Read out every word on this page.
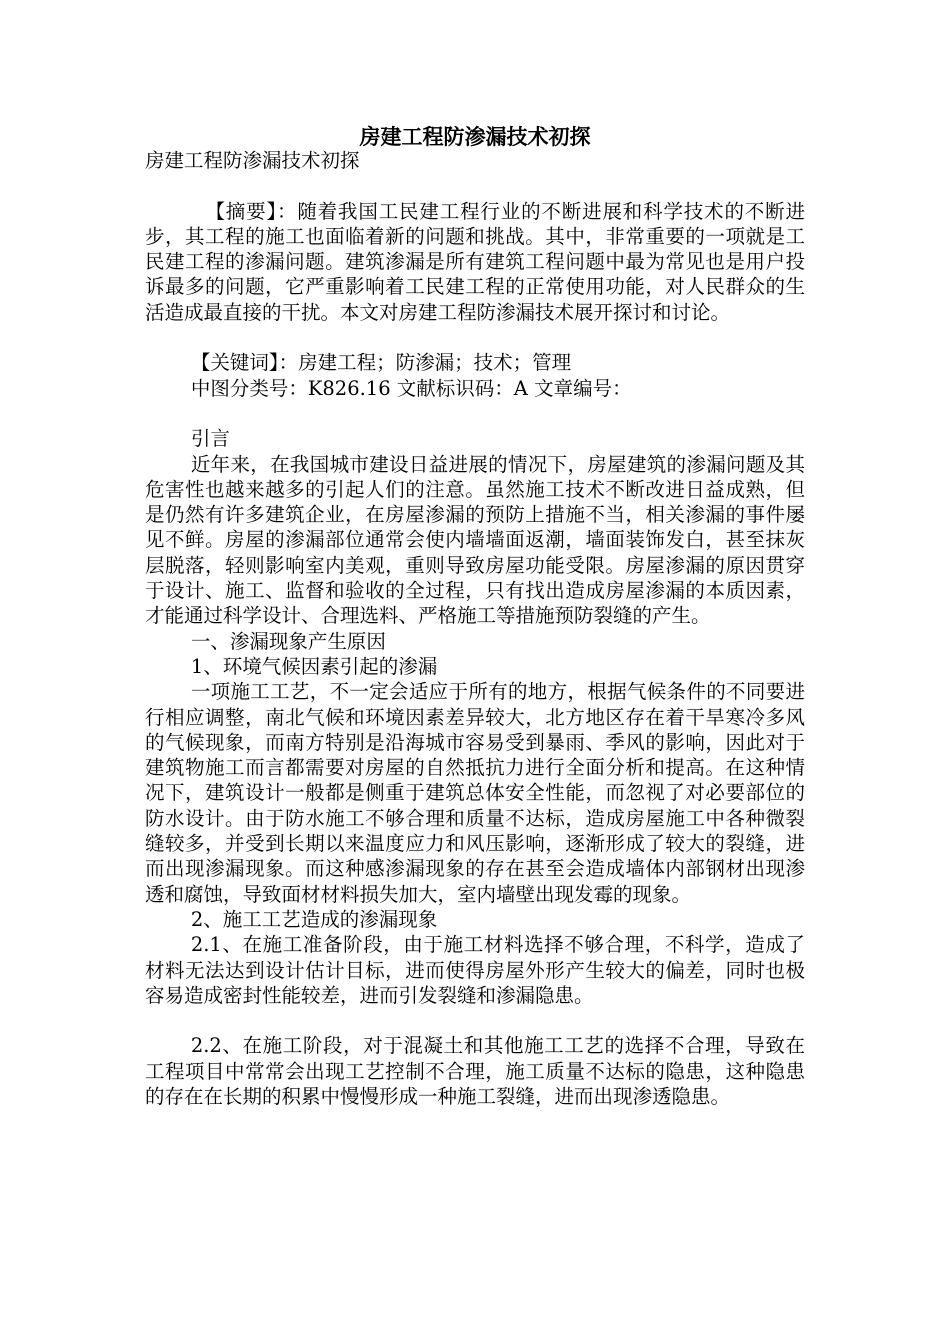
房建工程防渗漏技术初探

房建工程防渗漏技术初探

【摘要】：随着我国工民建工程行业的不断进展和科学技术的不断进步，其工程的施工也面临着新的问题和挑战。其中，非常重要的一项就是工民建工程的渗漏问题。建筑渗漏是所有建筑工程问题中最为常见也是用户投诉最多的问题，它严重影响着工民建工程的正常使用功能，对人民群众的生活造成最直接的干扰。本文对房建工程防渗漏技术展开探讨和讨论。

【关键词】：房建工程；防渗漏；技术；管理

中图分类号：K826.16 文献标识码：A 文章编号：

引言

近年来，在我国城市建设日益进展的情况下，房屋建筑的渗漏问题及其危害性也越来越多的引起人们的注意。虽然施工技术不断改进日益成熟，但是仍然有许多建筑企业，在房屋渗漏的预防上措施不当，相关渗漏的事件屡见不鲜。房屋的渗漏部位通常会使内墙墙面返潮，墙面装饰发白，甚至抹灰层脱落，轻则影响室内美观，重则导致房屋功能受限。房屋渗漏的原因贯穿于设计、施工、监督和验收的全过程，只有找出造成房屋渗漏的本质因素，才能通过科学设计、合理选料、严格施工等措施预防裂缝的产生。

一、渗漏现象产生原因

1、环境气候因素引起的渗漏

一项施工工艺，不一定会适应于所有的地方，根据气候条件的不同要进行相应调整，南北气候和环境因素差异较大，北方地区存在着干旱寒冷多风的气候现象，而南方特别是沿海城市容易受到暴雨、季风的影响，因此对于建筑物施工而言都需要对房屋的自然抵抗力进行全面分析和提高。在这种情况下，建筑设计一般都是侧重于建筑总体安全性能，而忽视了对必要部位的防水设计。由于防水施工不够合理和质量不达标，造成房屋施工中各种微裂缝较多，并受到长期以来温度应力和风压影响，逐渐形成了较大的裂缝，进而出现渗漏现象。而这种感渗漏现象的存在甚至会造成墙体内部钢材出现渗透和腐蚀，导致面材材料损失加大，室内墙壁出现发霉的现象。

2、施工工艺造成的渗漏现象

2.1、在施工准备阶段，由于施工材料选择不够合理，不科学，造成了材料无法达到设计估计目标，进而使得房屋外形产生较大的偏差，同时也极容易造成密封性能较差，进而引发裂缝和渗漏隐患。

2.2、在施工阶段，对于混凝土和其他施工工艺的选择不合理，导致在工程项目中常常会出现工艺控制不合理，施工质量不达标的隐患，这种隐患的存在在长期的积累中慢慢形成一种施工裂缝，进而出现渗透隐患。
